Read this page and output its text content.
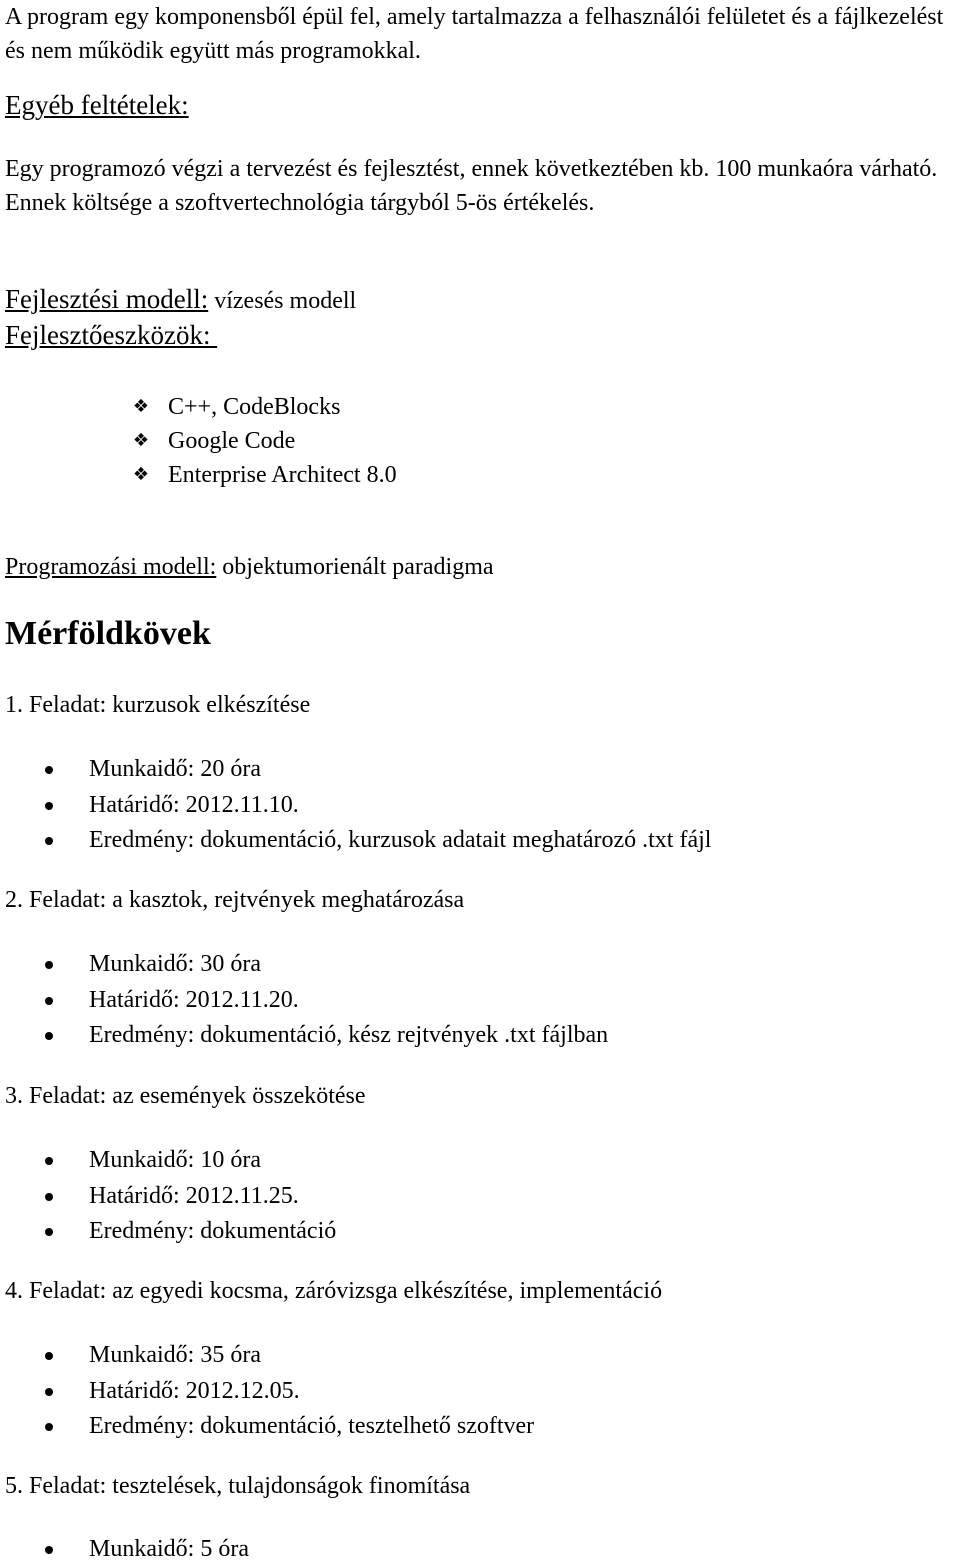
A program egy komponensből épül fel, amely tartalmazza a felhasználói felületet és a fájlkezelést és nem működik együtt más programokkal.

Egyéb feltételek:

Egy programozó végzi a tervezést és fejlesztést, ennek következtében kb. 100 munkaóra várható. Ennek költsége a szoftvertechnológia tárgyból 5-ös értékelés.

Fejlesztési modell: vízesés modell
Fejlesztőeszközök:
❖ C++, CodeBlocks
❖ Google Code
❖ Enterprise Architect 8.0
Programozási modell: objektumorienált paradigma
Mérföldkövek
1. Feladat: kurzusok elkészítése
Munkaidő: 20 óra
Határidő: 2012.11.10.
Eredmény: dokumentáció, kurzusok adatait meghatározó .txt fájl
2. Feladat: a kasztok, rejtvények meghatározása
Munkaidő: 30 óra
Határidő: 2012.11.20.
Eredmény: dokumentáció, kész rejtvények .txt fájlban
3. Feladat: az események összekötése
Munkaidő: 10 óra
Határidő: 2012.11.25.
Eredmény: dokumentáció
4. Feladat: az egyedi kocsma, záróvizsga elkészítése, implementáció
Munkaidő: 35 óra
Határidő: 2012.12.05.
Eredmény: dokumentáció, tesztelhető szoftver
5. Feladat: tesztelések, tulajdonságok finomítása
Munkaidő: 5 óra
